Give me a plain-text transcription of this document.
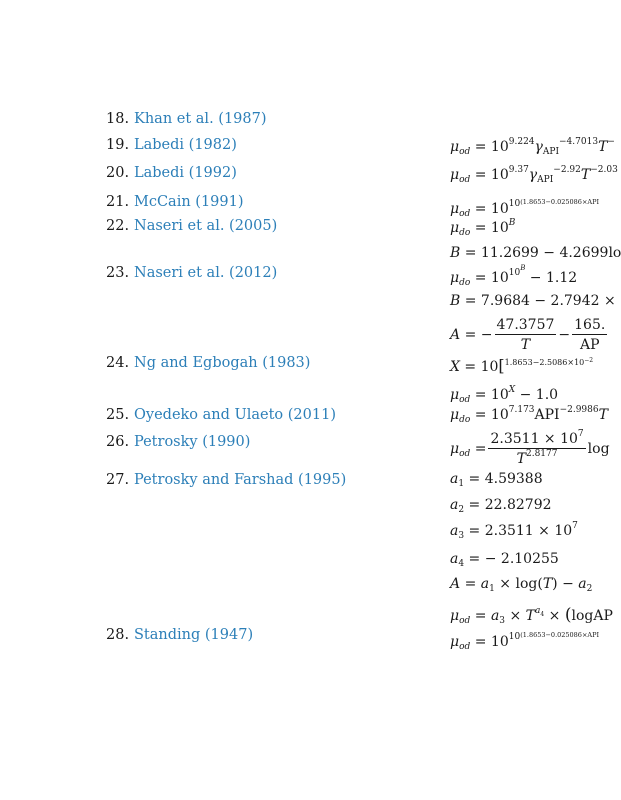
18. Khan et al. (1987)
19. Labedi (1982)
20. Labedi (1992)
21. McCain (1991)
22. Naseri et al. (2005)
23. Naseri et al. (2012)
24. Ng and Egbogah (1983)
25. Oyedeko and Ulaeto (2011)
26. Petrosky (1990)
27. Petrosky and Farshad (1995)
28. Standing (1947)
$\mu_{od} = 10^{9.224}\gamma_{API}^{-4.7013}T^-$
$\mu_{od} = 10^{9.37}\gamma_{API}^{-2.92}T^{-2.03}$
$\mu_{od} = 10^{10(1.8653-0.025086\times API}$
$\mu_{do} = 10^B$
B = 11.2699 − 4.2699lo
$\mu_{do} = 10^{10^B} - 1.12$
B = 7.9684 − 2.7942 ×
A = − $\frac{47.3757}{T} - \frac{165.}{AP}$
X = 10[$^{1.8653-2.5086\times 10^{-2}}$
$\mu_{od} = 10^X - 1.0$
$\mu_{do} = 10^{7.173}API^{-2.9986}T$
$\mu_{od} = \frac{2.3511 \times 10^7}{T^{2.8177}}$ log
$a_1 = 4.59388$
$a_2 = 22.82792$
$a_3 = 2.3511 \times 10^7$
$a_4$ = − 2.10255
$A = a_1 \times \log(T) - a_2$
$\mu_{od} = a_3 \times T^{a_4}$ × (logAP
$\mu_{od} = 10^{10(1.8653-0.025086\times API}$
